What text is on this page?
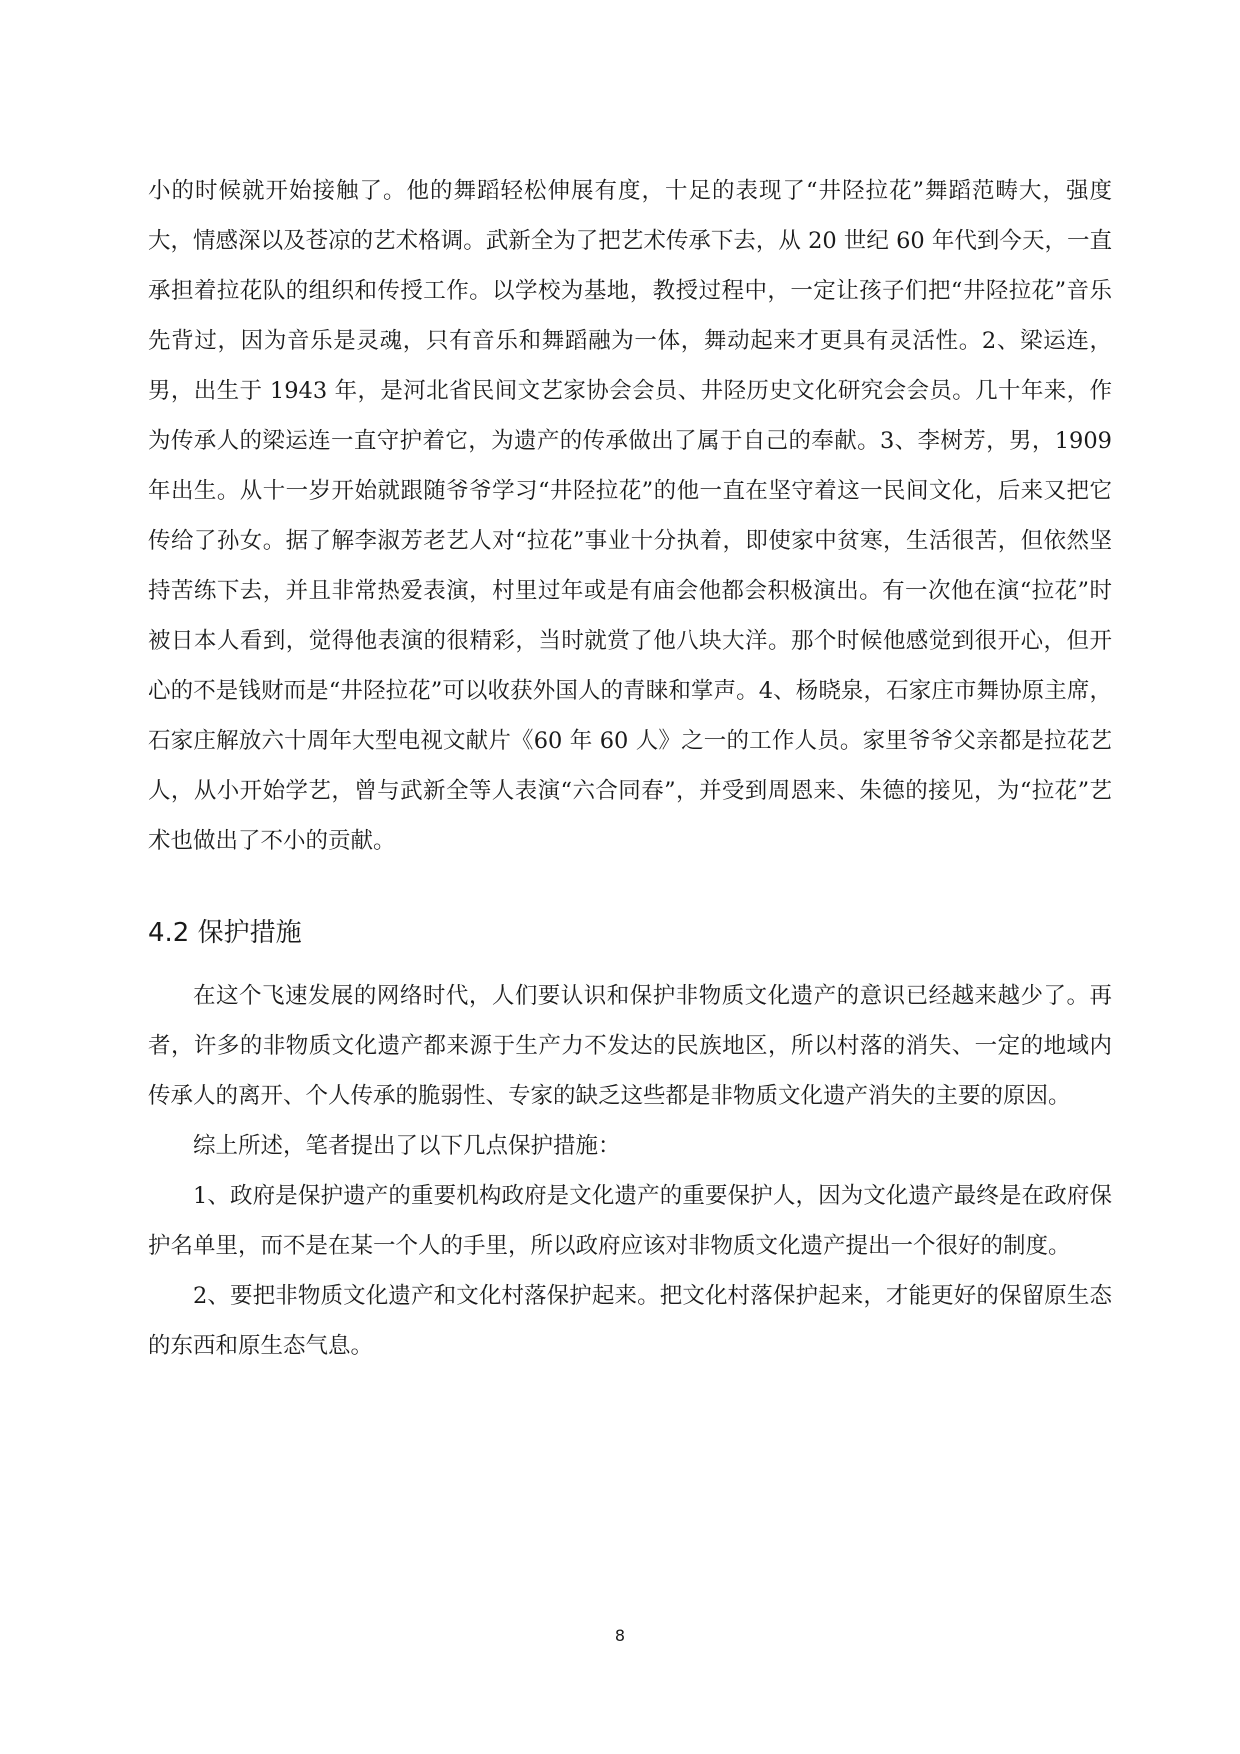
小的时候就开始接触了。他的舞蹈轻松伸展有度，十足的表现了“井陉拉花”舞蹈范畴大，强度大，情感深以及苍凉的艺术格调。武新全为了把艺术传承下去，从 20 世纪 60 年代到今天，一直承担着拉花队的组织和传授工作。以学校为基地，教授过程中，一定让孩子们把“井陉拉花”音乐先背过，因为音乐是灵魂，只有音乐和舞蹈融为一体，舞动起来才更具有灵活性。2、梁运连，男，出生于 1943 年，是河北省民间文艺家协会会员、井陉历史文化研究会会员。几十年来，作为传承人的梁运连一直守护着它，为遗产的传承做出了属于自己的奉献。3、李树芳，男，1909 年出生。从十一岁开始就跟随爷爷学习“井陉拉花”的他一直在坚守着这一民间文化，后来又把它传给了孙女。据了解李淑芳老艺人对“拉花”事业十分执着，即使家中贫寒，生活很苦，但依然坚持苦练下去，并且非常热爱表演，村里过年或是有庙会他都会积极演出。有一次他在演“拉花”时被日本人看到，觉得他表演的很精彩，当时就赏了他八块大洋。那个时候他感觉到很开心，但开心的不是钱财而是“井陉拉花”可以收获外国人的青睐和掌声。4、杨晓泉，石家庄市舞协原主席，石家庄解放六十周年大型电视文献片《60 年 60 人》之一的工作人员。家里爷爷父亲都是拉花艺人，从小开始学艺，曾与武新全等人表演“六合同春”，并受到周恩来、朱德的接见，为“拉花”艺术也做出了不小的贡献。

4.2 保护措施

在这个飞速发展的网络时代，人们要认识和保护非物质文化遗产的意识已经越来越少了。再者，许多的非物质文化遗产都来源于生产力不发达的民族地区，所以村落的消失、一定的地域内传承人的离开、个人传承的脆弱性、专家的缺乏这些都是非物质文化遗产消失的主要的原因。

综上所述，笔者提出了以下几点保护措施：

1、政府是保护遗产的重要机构政府是文化遗产的重要保护人，因为文化遗产最终是在政府保护名单里，而不是在某一个人的手里，所以政府应该对非物质文化遗产提出一个很好的制度。

2、要把非物质文化遗产和文化村落保护起来。把文化村落保护起来，才能更好的保留原生态的东西和原生态气息。

8
